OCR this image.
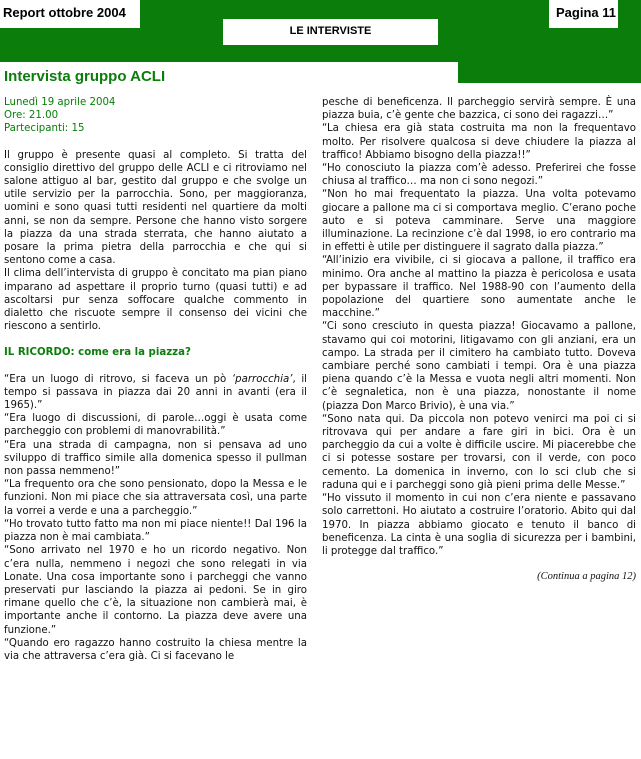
Report ottobre 2004	Pagina 11
LE INTERVISTE
Intervista gruppo ACLI

Lunedì 19 aprile 2004

Ore: 21.00

Partecipanti: 15

Il gruppo è presente quasi al completo. Si tratta del consiglio direttivo del gruppo delle ACLI e ci ritroviamo nel salone attiguo al bar, gestito dal gruppo e che svolge un utile servizio per la parrocchia. Sono, per maggioranza, uomini e sono quasi tutti residenti nel quartiere da molti anni, se non da sempre. Persone che hanno visto sorgere la piazza da una strada sterrata, che hanno aiutato a posare la prima pietra della parrocchia e che qui si sentono come a casa.

Il clima dell’intervista di gruppo è concitato ma pian piano imparano ad aspettare il proprio turno (quasi tutti) e ad ascoltarsi pur senza soffocare qualche commento in dialetto che riscuote sempre il consenso dei vicini che riescono a sentirlo.

IL RICORDO: come era la piazza?

“Era un luogo di ritrovo, si faceva un pò ‘parrocchia’, il tempo si passava in piazza dai 20 anni in avanti (era il 1965).”

“Era luogo di discussioni, di parole…oggi è usata come parcheggio con problemi di manovrabilità.”

“Era una strada di campagna, non si pensava ad uno sviluppo di traffico simile alla domenica spesso il pullman non passa nemmeno!”

“La frequento ora che sono pensionato, dopo la Messa e le funzioni. Non mi piace che sia attraversata così, una parte la vorrei a verde e una a parcheggio.”

“Ho trovato tutto fatto ma non mi piace niente!! Dal 196 la piazza non è mai cambiata.”

“Sono arrivato nel 1970 e ho un ricordo negativo. Non c’era nulla, nemmeno i negozi che sono relegati in via Lonate. Una cosa importante sono i parcheggi che vanno preservati pur lasciando la piazza ai pedoni. Se in giro rimane quello che c’è, la situazione non cambierà mai, è importante anche il contorno. La piazza deve avere una funzione.”

“Quando ero ragazzo hanno costruito la chiesa mentre la via che attraversa c’era già. Ci si facevano le

pesche di beneficenza. Il parcheggio servirà sempre. È una piazza buia, c’è gente che bazzica, ci sono dei ragazzi…”

“La chiesa era già stata costruita ma non la frequentavo molto. Per risolvere qualcosa si deve chiudere la piazza al traffico! Abbiamo bisogno della piazza!!”

“Ho conosciuto la piazza com’è adesso. Preferirei che fosse chiusa al traffico… ma non ci sono negozi.”

“Non ho mai frequentato la piazza. Una volta potevamo giocare a pallone ma ci si comportava meglio. C’erano poche auto e si poteva camminare. Serve una maggiore illuminazione. La recinzione c’è dal 1998, io ero contrario ma in effetti è utile per distinguere il sagrato dalla piazza.”

“All’inizio era vivibile, ci si giocava a pallone, il traffico era minimo. Ora anche al mattino la piazza è pericolosa e usata per bypassare il traffico. Nel 1988-90 con l’aumento della popolazione del quartiere sono aumentate anche le macchine.”

“Ci sono cresciuto in questa piazza! Giocavamo a pallone, stavamo qui coi motorini, litigavamo con gli anziani, era un campo. La strada per il cimitero ha cambiato tutto. Doveva cambiare perché sono cambiati i tempi. Ora è una piazza piena quando c’è la Messa e vuota negli altri momenti. Non c’è segnaletica, non è una piazza, nonostante il nome (piazza Don Marco Brivio), è una via.”

“Sono nata qui. Da piccola non potevo venirci ma poi ci si ritrovava qui per andare a fare giri in bici. Ora è un parcheggio da cui a volte è difficile uscire. Mi piacerebbe che ci si potesse sostare per trovarsi, con il verde, con poco cemento. La domenica in inverno, con lo sci club che si raduna qui e i parcheggi sono già pieni prima delle Messe.”

“Ho vissuto il momento in cui non c’era niente e passavano solo carrettoni. Ho aiutato a costruire l’oratorio. Abito qui dal 1970. In piazza abbiamo giocato e tenuto il banco di beneficenza. La cinta è una soglia di sicurezza per i bambini, li protegge dal traffico.”

(Continua a pagina 12)
